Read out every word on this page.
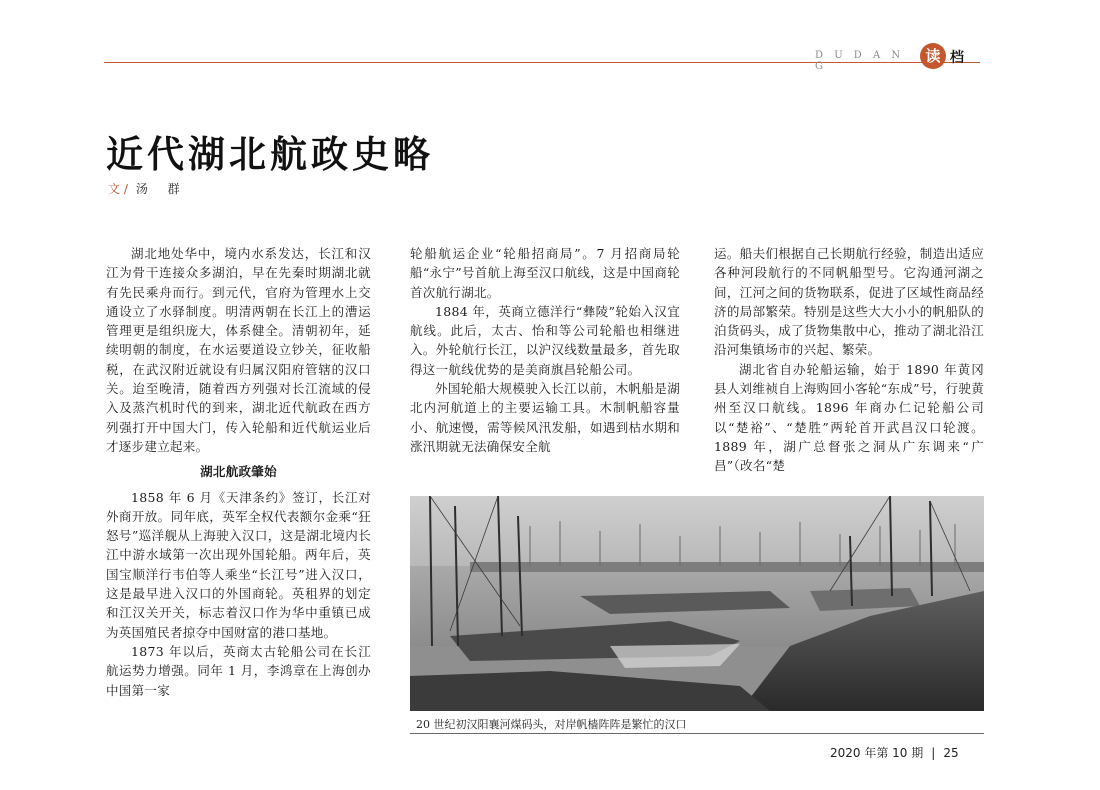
D U D A N G
读 档
近代湖北航政史略
文 / 汤 群

湖北地处华中，境内水系发达，长江和汉江为骨干连接众多湖泊，早在先秦时期湖北就有先民乘舟而行。到元代，官府为管理水上交通设立了水驿制度。明清两朝在长江上的漕运管理更是组织庞大，体系健全。清朝初年，延续明朝的制度，在水运要道设立钞关，征收船税，在武汉附近就设有归属汉阳府管辖的汉口关。迨至晚清，随着西方列强对长江流域的侵入及蒸汽机时代的到来，湖北近代航政在西方列强打开中国大门，传入轮船和近代航运业后才逐步建立起来。

湖北航政肇始

1858 年 6 月《天津条约》签订，长江对外商开放。同年底，英军全权代表额尔金乘“狂怒号”巡洋舰从上海驶入汉口，这是湖北境内长江中游水域第一次出现外国轮船。两年后，英国宝顺洋行韦伯等人乘坐“长江号”进入汉口，这是最早进入汉口的外国商轮。英租界的划定和江汉关开关，标志着汉口作为华中重镇已成为英国殖民者掠夺中国财富的港口基地。

1873 年以后，英商太古轮船公司在长江航运势力增强。同年 1 月，李鸿章在上海创办中国第一家

轮船航运企业“轮船招商局”。7 月招商局轮船“永宁”号首航上海至汉口航线，这是中国商轮首次航行湖北。

1884 年，英商立德洋行“彝陵”轮始入汉宜航线。此后，太古、怡和等公司轮船也相继进入。外轮航行长江，以沪汉线数量最多，首先取得这一航线优势的是美商旗昌轮船公司。

外国轮船大规模驶入长江以前，木帆船是湖北内河航道上的主要运输工具。木制帆船容量小、航速慢，需等候风汛发船，如遇到枯水期和涨汛期就无法确保安全航

运。船夫们根据自己长期航行经验，制造出适应各种河段航行的不同帆船型号。它沟通河湖之间，江河之间的货物联系，促进了区域性商品经济的局部繁荣。特别是这些大大小小的帆船队的泊货码头，成了货物集散中心，推动了湖北沿江沿河集镇场市的兴起、繁荣。

湖北省自办轮船运输，始于 1890 年黄冈县人刘维祯自上海购回小客轮“东成”号，行驶黄州至汉口航线。1896 年商办仁记轮船公司以“楚裕”、“楚胜”两轮首开武昌汉口轮渡。1889 年，湖广总督张之洞从广东调来“广昌”（改名“楚

20 世纪初汉阳襄河煤码头，对岸帆樯阵阵是繁忙的汉口
2020 年第 10 期 | 25
